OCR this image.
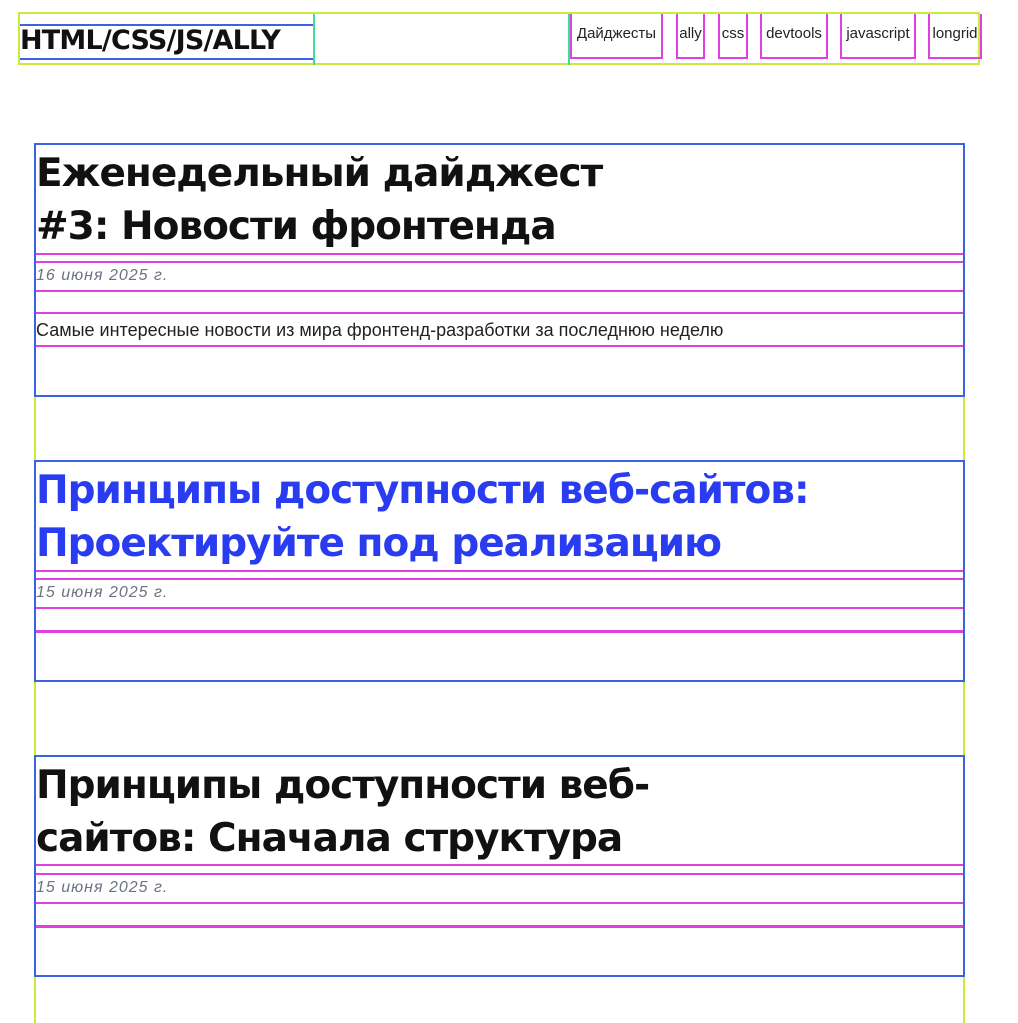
HTML/CSS/JS/ALLY	Дайджесты	ally css	devtools	javascript	longrid
Еженедельный дайджест
#3: Новости фронтенда
16 июня 2025 г.
Самые интересные новости из мира фронтенд-разработки за последнюю неделю
Принципы доступности веб-сайтов:
Проектируйте под реализацию
15 июня 2025 г.
Принципы доступности веб-
сайтов: Сначала структура
15 июня 2025 г.
